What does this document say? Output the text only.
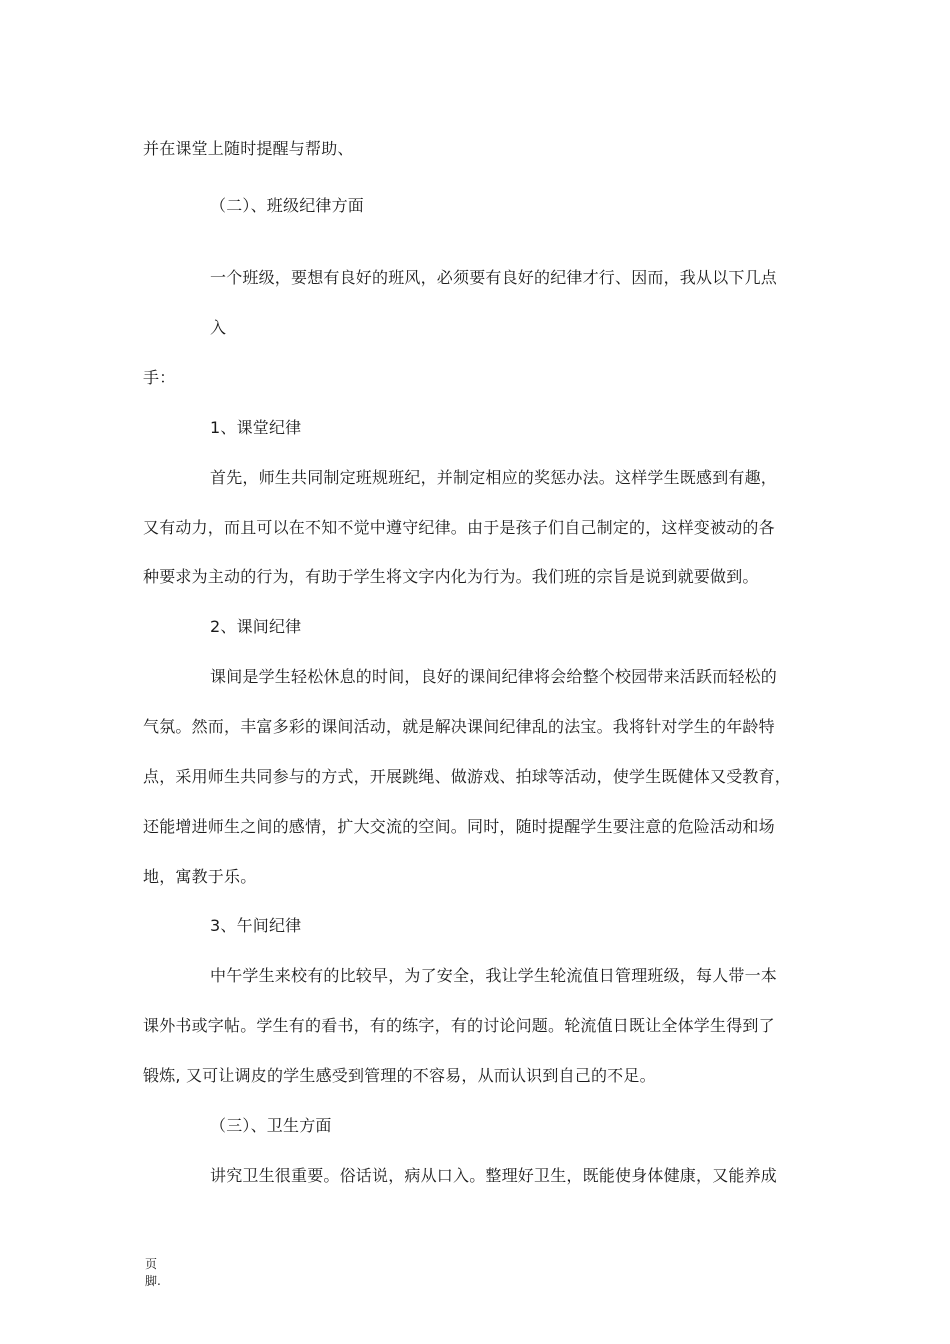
并在课堂上随时提醒与帮助、
（二）、班级纪律方面
一个班级，要想有良好的班风，必须要有良好的纪律才行、因而，我从以下几点
入
手：
1、课堂纪律
首先，师生共同制定班规班纪，并制定相应的奖惩办法。这样学生既感到有趣，
又有动力，而且可以在不知不觉中遵守纪律。由于是孩子们自己制定的，这样变被动的各
种要求为主动的行为，有助于学生将文字内化为行为。我们班的宗旨是说到就要做到。
2、课间纪律
课间是学生轻松休息的时间，良好的课间纪律将会给整个校园带来活跃而轻松的
气氛。然而，丰富多彩的课间活动，就是解决课间纪律乱的法宝。我将针对学生的年龄特
点，采用师生共同参与的方式，开展跳绳、做游戏、拍球等活动，使学生既健体又受教育，
还能增进师生之间的感情，扩大交流的空间。同时，随时提醒学生要注意的危险活动和场
地，寓教于乐。
3、午间纪律
中午学生来校有的比较早，为了安全，我让学生轮流值日管理班级，每人带一本
课外书或字帖。学生有的看书，有的练字，有的讨论问题。轮流值日既让全体学生得到了
锻炼, 又可让调皮的学生感受到管理的不容易，从而认识到自己的不足。
（三）、卫生方面
讲究卫生很重要。俗话说，病从口入。整理好卫生，既能使身体健康，又能养成
页
脚.
